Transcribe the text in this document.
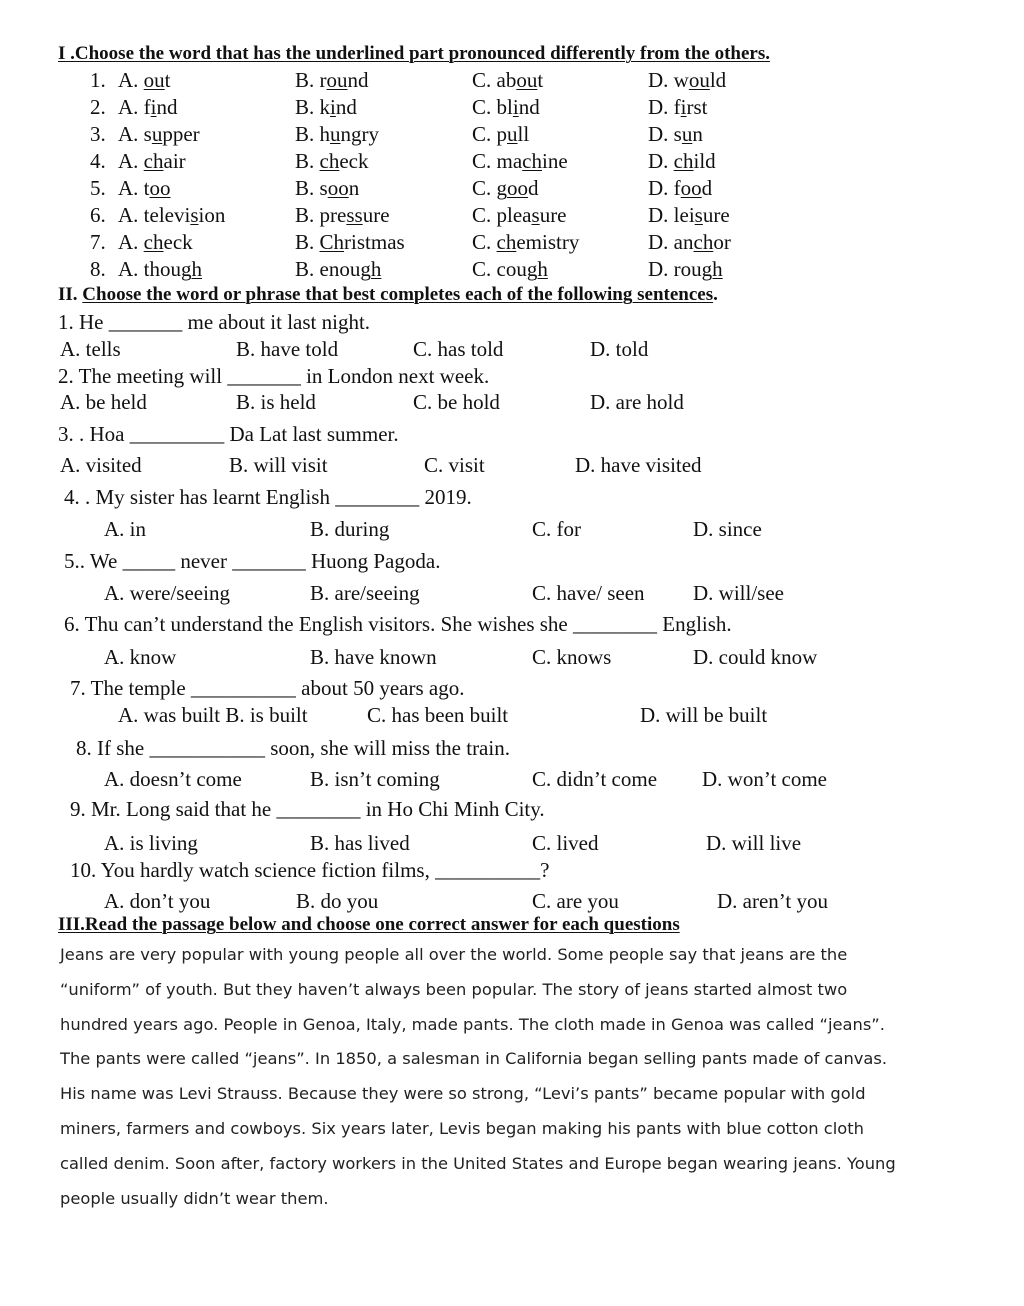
I .Choose the word that has the underlined part pronounced differently from the others.
1. A. out	B. round	C. about	D. would
2. A. find	B. kind	C. blind	D. first
3. A. supper	B. hungry	C. pull	D. sun
4. A. chair	B. check	C. machine	D. child
5. A. too	B. soon	C. good	D. food
6. A. television	B. pressure	C. pleasure	D. leisure
7. A. check	B. Christmas	C. chemistry	D. anchor
8. A. though	B. enough	C. cough	D. rough
II. Choose the word or phrase that best completes each of the following sentences.
1. He _______ me about it last night.
A. tells	B. have told	C. has told	D. told
2. The meeting will _______ in London next week.
A. be held	B. is held	C. be hold	D. are hold
3. . Hoa _________ Da Lat last summer.
A. visited	B. will visit	C. visit	D. have visited
4. . My sister has learnt English ________ 2019.
A. in	B. during	C. for	D. since
5.. We _____ never _______ Huong Pagoda.
A. were/seeing	B. are/seeing	C. have/ seen D. will/see
6. Thu can’t understand the English visitors. She wishes she ________ English.
A. know	B. have known	C. knows	D. could know
7. The temple __________ about 50 years ago.
A. was built B. is built	C. has been built	D. will be built
8. If she ___________ soon, she will miss the train.
A. doesn’t come	B. isn’t coming	C. didn’t come D. won’t come
9. Mr. Long said that he ________ in Ho Chi Minh City.
A. is living	B. has lived	C. lived	D. will live
10. You hardly watch science fiction films, __________?
A. don’t you	B. do you	C. are you	D. aren’t you
III.Read the passage below and choose one correct answer for each questions
Jeans are very popular with young people all over the world. Some people say that jeans are the
“uniform” of youth. But they haven’t always been popular. The story of jeans started almost two
hundred years ago. People in Genoa, Italy, made pants. The cloth made in Genoa was called “jeans”.
The pants were called “jeans”. In 1850, a salesman in California began selling pants made of canvas.
His name was Levi Strauss. Because they were so strong, “Levi’s pants” became popular with gold
miners, farmers and cowboys. Six years later, Levis began making his pants with blue cotton cloth
called denim. Soon after, factory workers in the United States and Europe began wearing jeans. Young
people usually didn’t wear them.
